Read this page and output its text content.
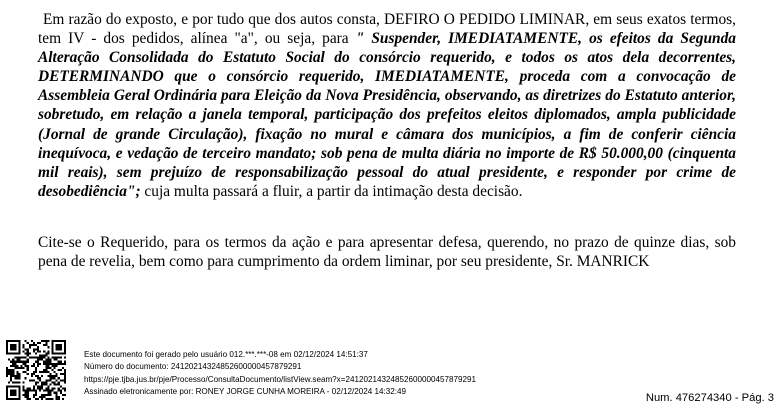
Em razão do exposto, e por tudo que dos autos consta, DEFIRO O PEDIDO LIMINAR, em seus exatos termos, tem IV - dos pedidos, alínea "a", ou seja, para " Suspender, IMEDIATAMENTE, os efeitos da Segunda Alteração Consolidada do Estatuto Social do consórcio requerido, e todos os atos dela decorrentes, DETERMINANDO que o consórcio requerido, IMEDIATAMENTE, proceda com a convocação de Assembleia Geral Ordinária para Eleição da Nova Presidência, observando, as diretrizes do Estatuto anterior, sobretudo, em relação a janela temporal, participação dos prefeitos eleitos diplomados, ampla publicidade (Jornal de grande Circulação), fixação no mural e câmara dos municípios, a fim de conferir ciência inequívoca, e vedação de terceiro mandato; sob pena de multa diária no importe de R$ 50.000,00 (cinquenta mil reais), sem prejuízo de responsabilização pessoal do atual presidente, e responder por crime de desobediência"; cuja multa passará a fluir, a partir da intimação desta decisão.

Cite-se o Requerido, para os termos da ação e para apresentar defesa, querendo, no prazo de quinze dias, sob pena de revelia, bem como para cumprimento da ordem liminar, por seu presidente, Sr. MANRICK

Este documento foi gerado pelo usuário 012.***.***-08 em 02/12/2024 14:51:37
Número do documento: 24120214324852600000457879291
https://pje.tjba.jus.br/pje/Processo/ConsultaDocumento/listView.seam?x=24120214324852600000457879291
Assinado eletronicamente por: RONEY JORGE CUNHA MOREIRA - 02/12/2024 14:32:49
Num. 476274340 - Pág. 3
